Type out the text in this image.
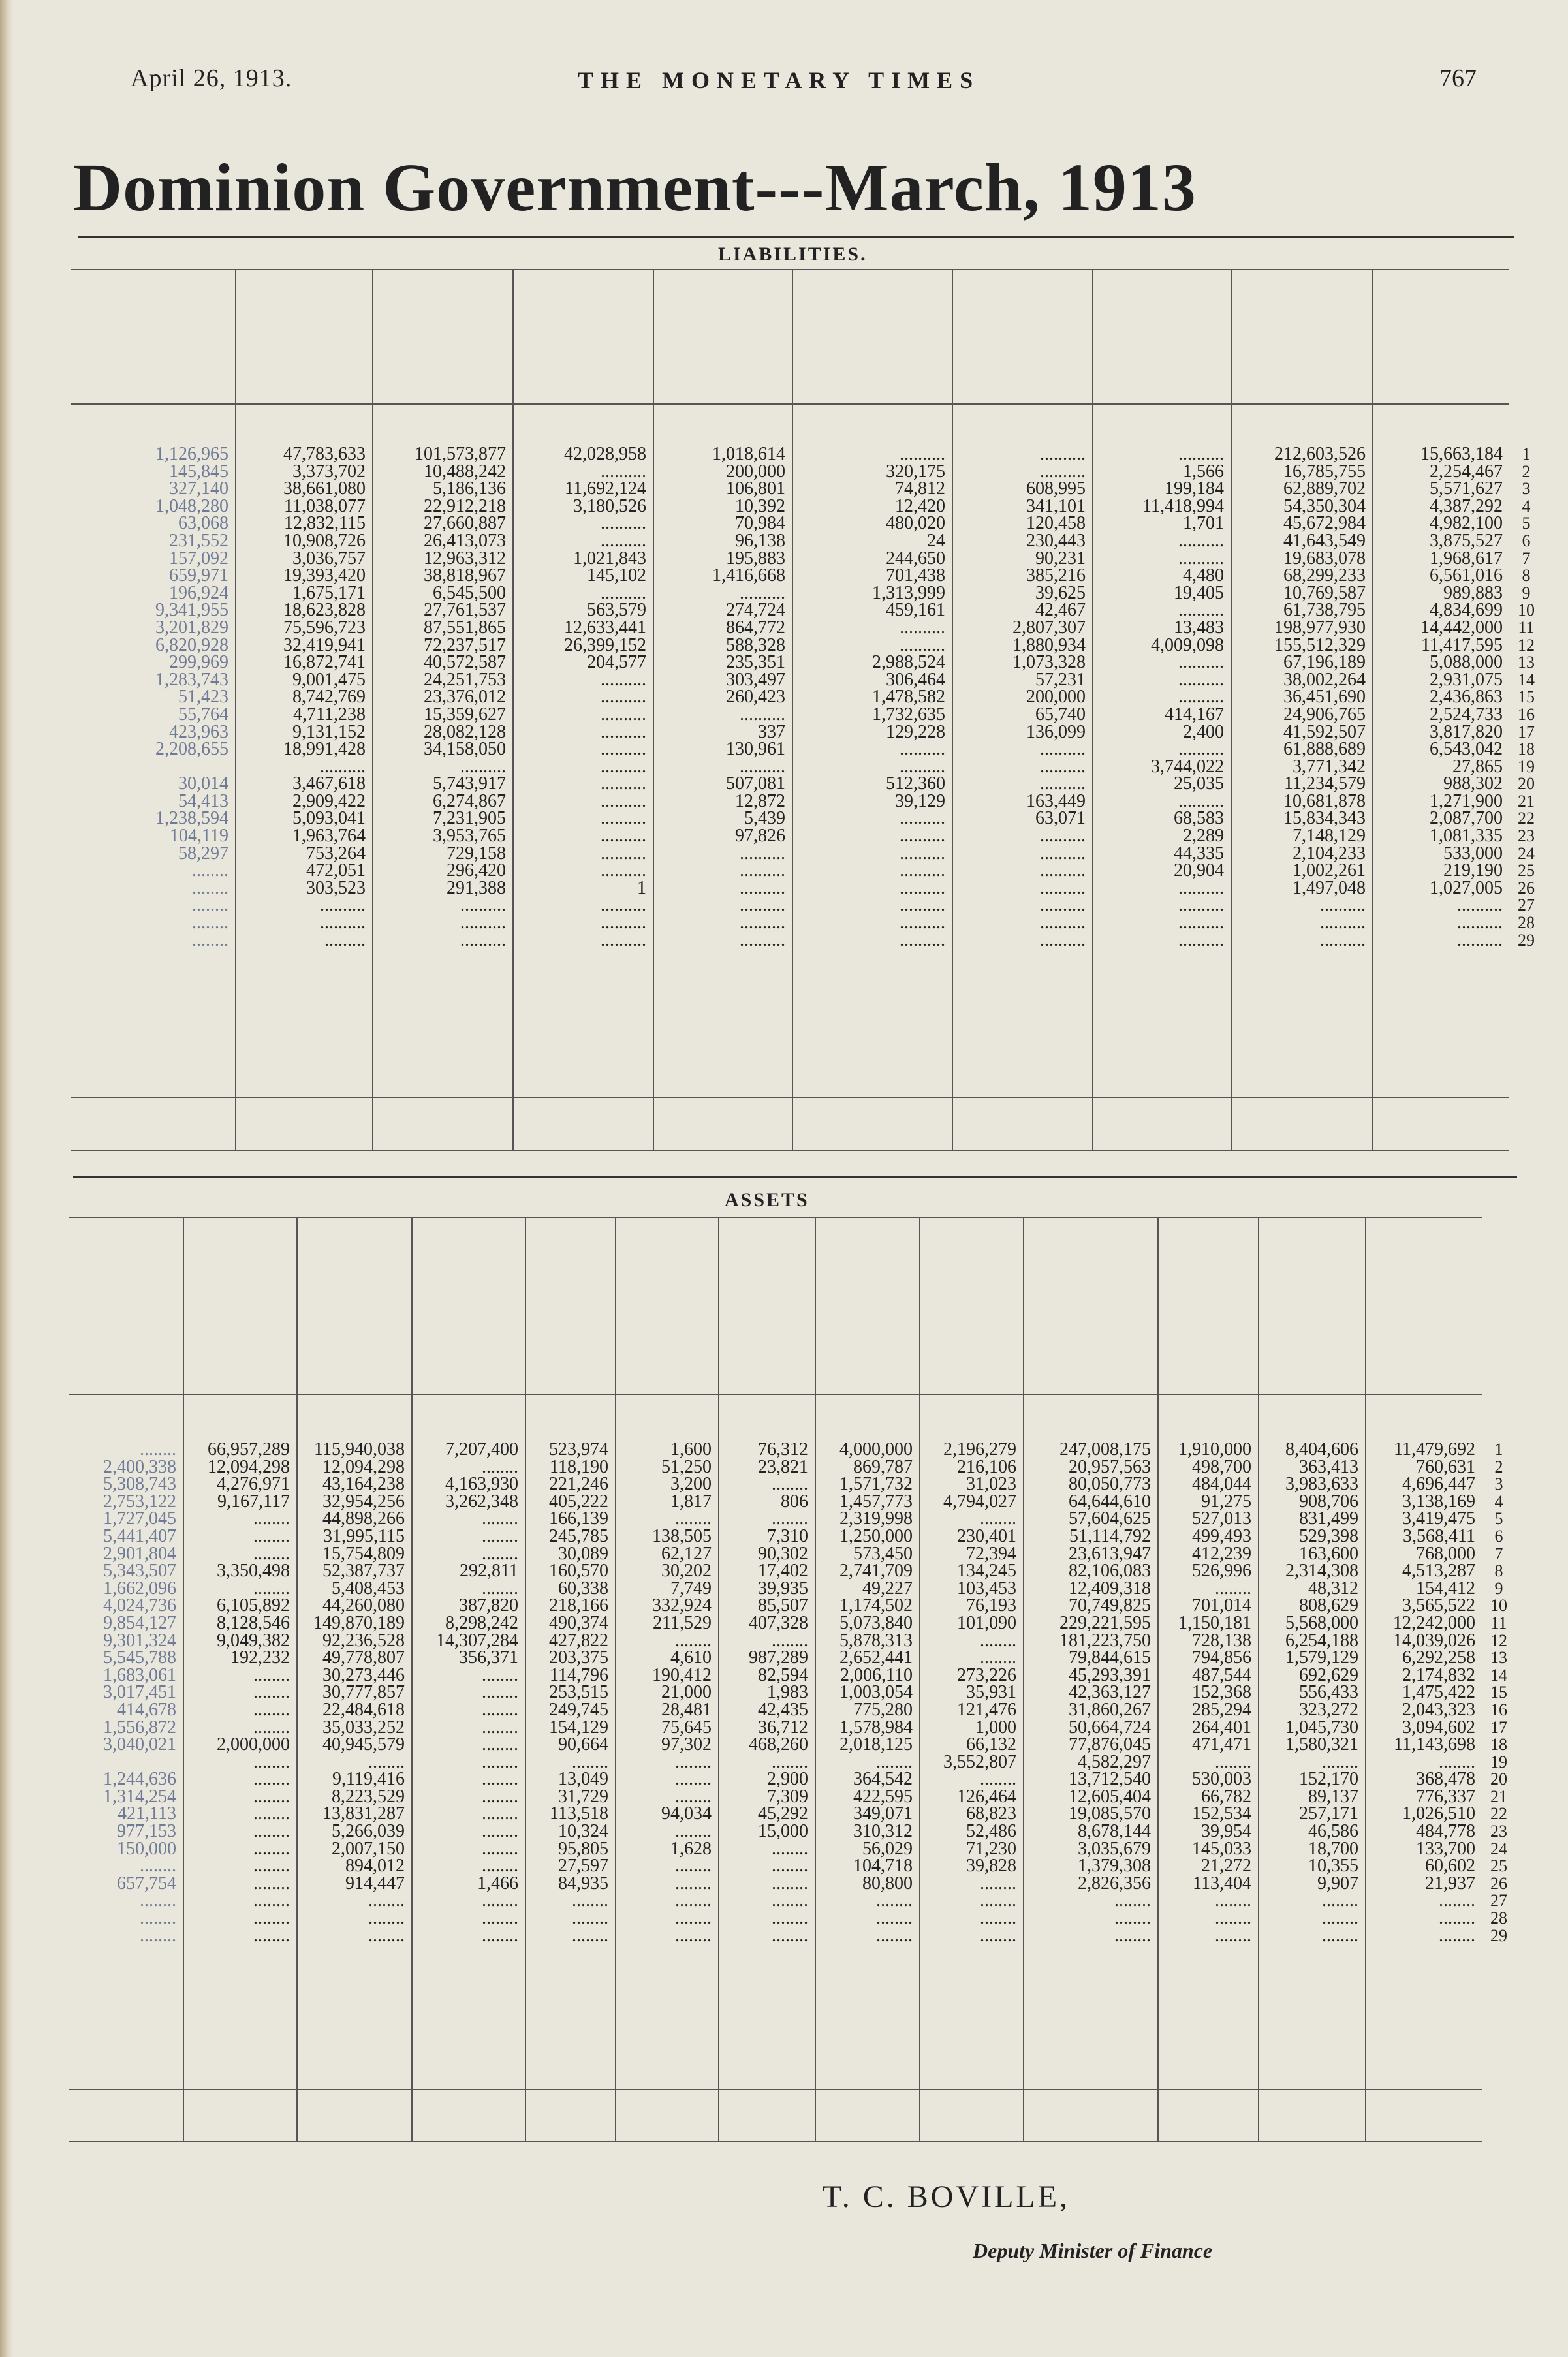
April 26, 1913.	THE MONETARY TIMES	767
Dominion Government---March, 1913
LIABILITIES.
ASSETS
T. C. BOVILLE,
Deputy Minister of Finance
1,126,965
145,845
327,140
1,048,280
63,068
231,552
157,092
659,971
196,924
9,341,955
3,201,829
6,820,928
299,969
1,283,743
51,423
55,764
423,963
2,208,655

30,014
54,413
1,238,594
104,119
58,297
........
........
........
........
........
47,783,633
3,373,702
38,661,080
11,038,077
12,832,115
10,908,726
3,036,757
19,393,420
1,675,171
18,623,828
75,596,723
32,419,941
16,872,741
9,001,475
8,742,769
4,711,238
9,131,152
18,991,428
..........
3,467,618
2,909,422
5,093,041
1,963,764
753,264
472,051
303,523
..........
..........
.........
101,573,877
10,488,242
5,186,136
22,912,218
27,660,887
26,413,073
12,963,312
38,818,967
6,545,500
27,761,537
87,551,865
72,237,517
40,572,587
24,251,753
23,376,012
15,359,627
28,082,128
34,158,050
..........
5,743,917
6,274,867
7,231,905
3,953,765
729,158
296,420
291,388
..........
..........
..........
42,028,958
..........
11,692,124
3,180,526
..........
..........
1,021,843
145,102
..........
563,579
12,633,441
26,399,152
204,577
..........
..........
..........
..........
..........
..........
..........
..........
..........
..........
..........
..........
1
..........
..........
..........
1,018,614
200,000
106,801
10,392
70,984
96,138
195,883
1,416,668
..........
274,724
864,772
588,328
235,351
303,497
260,423
..........
337
130,961
..........
507,081
12,872
5,439
97,826
..........
..........
..........
..........
..........
..........
..........
320,175
74,812
12,420
480,020
24
244,650
701,438
1,313,999
459,161
..........
..........
2,988,524
306,464
1,478,582
1,732,635
129,228
..........
..........
512,360
39,129
..........
..........
..........
..........
..........
..........
..........
..........
..........
..........
608,995
341,101
120,458
230,443
90,231
385,216
39,625
42,467
2,807,307
1,880,934
1,073,328
57,231
200,000
65,740
136,099
..........
..........
..........
163,449
63,071
..........
..........
..........
..........
..........
..........
..........
..........
1,566
199,184
11,418,994
1,701
..........
..........
4,480
19,405
..........
13,483
4,009,098
..........
..........
..........
414,167
2,400
..........
3,744,022
25,035
..........
68,583
2,289
44,335
20,904
..........
..........
..........
..........
212,603,526
16,785,755
62,889,702
54,350,304
45,672,984
41,643,549
19,683,078
68,299,233
10,769,587
61,738,795
198,977,930
155,512,329
67,196,189
38,002,264
36,451,690
24,906,765
41,592,507
61,888,689
3,771,342
11,234,579
10,681,878
15,834,343
7,148,129
2,104,233
1,002,261
1,497,048
..........
..........
..........
15,663,184
2,254,467
5,571,627
4,387,292
4,982,100
3,875,527
1,968,617
6,561,016
989,883
4,834,699
14,442,000
11,417,595
5,088,000
2,931,075
2,436,863
2,524,733
3,817,820
6,543,042
27,865
988,302
1,271,900
2,087,700
1,081,335
533,000
219,190
1,027,005
..........
..........
..........
1
2
3
4
5
6
7
8
9
10
11
12
13
14
15
16
17
18
19
20
21
22
23
24
25
26
27
28
29
........
2,400,338
5,308,743
2,753,122
1,727,045
5,441,407
2,901,804
5,343,507
1,662,096
4,024,736
9,854,127
9,301,324
5,545,788
1,683,061
3,017,451
414,678
1,556,872
3,040,021

1,244,636
1,314,254
421,113
977,153
150,000
........
657,754
........
........
........
66,957,289
12,094,298
4,276,971
9,167,117
........
........
........
3,350,498
........
6,105,892
8,128,546
9,049,382
192,232
........
........
........
........
2,000,000
........
........
........
........
........
........
........
........
........
........
........
115,940,038
12,094,298
43,164,238
32,954,256
44,898,266
31,995,115
15,754,809
52,387,737
5,408,453
44,260,080
149,870,189
92,236,528
49,778,807
30,273,446
30,777,857
22,484,618
35,033,252
40,945,579
........
9,119,416
8,223,529
13,831,287
5,266,039
2,007,150
894,012
914,447
........
........
........
7,207,400
........
4,163,930
3,262,348
........
........
........
292,811
........
387,820
8,298,242
14,307,284
356,371
........
........
........
........
........
........
........
........
........
........
........
........
1,466
........
........
........
523,974
118,190
221,246
405,222
166,139
245,785
30,089
160,570
60,338
218,166
490,374
427,822
203,375
114,796
253,515
249,745
154,129
90,664
........
13,049
31,729
113,518
10,324
95,805
27,597
84,935
........
........
........
1,600
51,250
3,200
1,817
........
138,505
62,127
30,202
7,749
332,924
211,529
........
4,610
190,412
21,000
28,481
75,645
97,302
........
........
........
94,034
........
1,628
........
........
........
........
........
76,312
23,821
........
806
........
7,310
90,302
17,402
39,935
85,507
407,328
........
987,289
82,594
1,983
42,435
36,712
468,260
........
2,900
7,309
45,292
15,000
........
........
........
........
........
........
4,000,000
869,787
1,571,732
1,457,773
2,319,998
1,250,000
573,450
2,741,709
49,227
1,174,502
5,073,840
5,878,313
2,652,441
2,006,110
1,003,054
775,280
1,578,984
2,018,125
........
364,542
422,595
349,071
310,312
56,029
104,718
80,800
........
........
........
2,196,279
216,106
31,023
4,794,027
........
230,401
72,394
134,245
103,453
76,193
101,090
........
........
273,226
35,931
121,476
1,000
66,132
3,552,807
........
126,464
68,823
52,486
71,230
39,828
........
........
........
........
247,008,175
20,957,563
80,050,773
64,644,610
57,604,625
51,114,792
23,613,947
82,106,083
12,409,318
70,749,825
229,221,595
181,223,750
79,844,615
45,293,391
42,363,127
31,860,267
50,664,724
77,876,045
4,582,297
13,712,540
12,605,404
19,085,570
8,678,144
3,035,679
1,379,308
2,826,356
........
........
........
1,910,000
498,700
484,044
91,275
527,013
499,493
412,239
526,996
........
701,014
1,150,181
728,138
794,856
487,544
152,368
285,294
264,401
471,471
........
530,003
66,782
152,534
39,954
145,033
21,272
113,404
........
........
........
8,404,606
363,413
3,983,633
908,706
831,499
529,398
163,600
2,314,308
48,312
808,629
5,568,000
6,254,188
1,579,129
692,629
556,433
323,272
1,045,730
1,580,321
........
152,170
89,137
257,171
46,586
18,700
10,355
9,907
........
........
........
11,479,692
760,631
4,696,447
3,138,169
3,419,475
3,568,411
768,000
4,513,287
154,412
3,565,522
12,242,000
14,039,026
6,292,258
2,174,832
1,475,422
2,043,323
3,094,602
11,143,698
........
368,478
776,337
1,026,510
484,778
133,700
60,602
21,937
........
........
........
1
2
3
4
5
6
7
8
9
10
11
12
13
14
15
16
17
18
19
20
21
22
23
24
25
26
27
28
29
